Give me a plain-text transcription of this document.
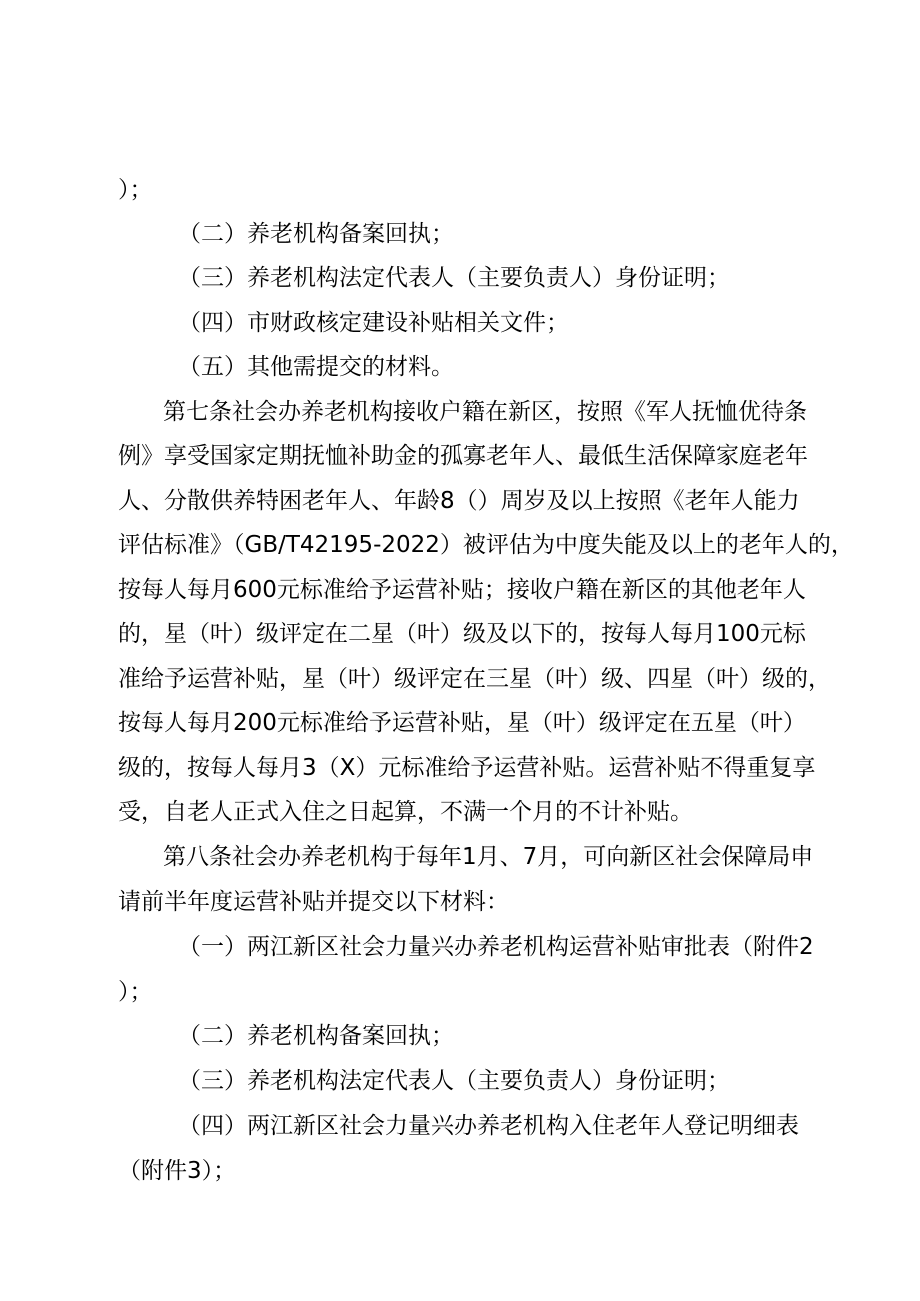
）；

（二）养老机构备案回执；

（三）养老机构法定代表人（主要负责人）身份证明；

（四）市财政核定建设补贴相关文件；

（五）其他需提交的材料。

第七条社会办养老机构接收户籍在新区，按照《军人抚恤优待条

例》享受国家定期抚恤补助金的孤寡老年人、最低生活保障家庭老年

人、分散供养特困老年人、年龄8（）周岁及以上按照《老年人能力

评估标准》（GB/T42195-2022）被评估为中度失能及以上的老年人的，

按每人每月600元标准给予运营补贴；接收户籍在新区的其他老年人

的，星（叶）级评定在二星（叶）级及以下的，按每人每月100元标

准给予运营补贴，星（叶）级评定在三星（叶）级、四星（叶）级的，

按每人每月200元标准给予运营补贴，星（叶）级评定在五星（叶）

级的，按每人每月3（X）元标准给予运营补贴。运营补贴不得重复享

受，自老人正式入住之日起算，不满一个月的不计补贴。

第八条社会办养老机构于每年1月、7月，可向新区社会保障局申

请前半年度运营补贴并提交以下材料：

（一）两江新区社会力量兴办养老机构运营补贴审批表（附件2

）；

（二）养老机构备案回执；

（三）养老机构法定代表人（主要负责人）身份证明；

（四）两江新区社会力量兴办养老机构入住老年人登记明细表

（附件3）；
